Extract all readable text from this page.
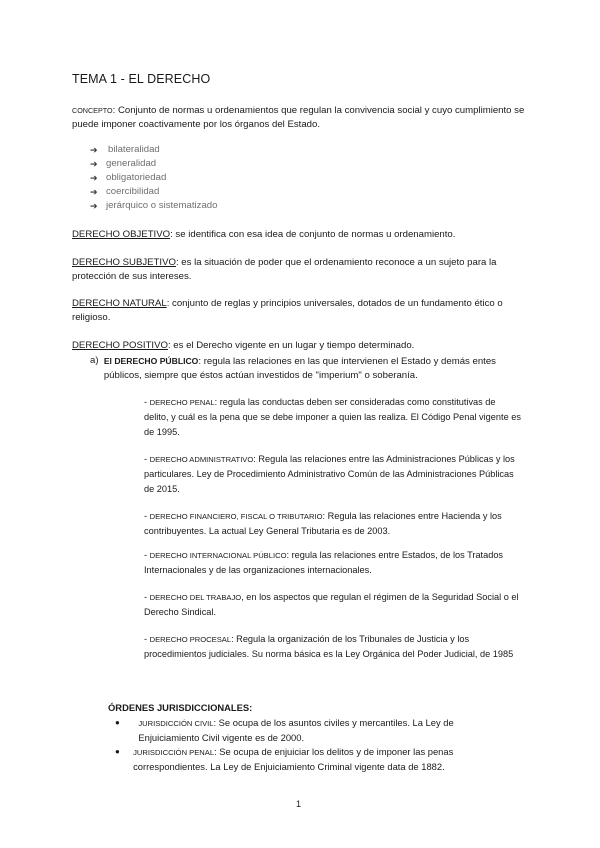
TEMA 1 - EL DERECHO
CONCEPTO: Conjunto de normas u ordenamientos que regulan la convivencia social y cuyo cumplimiento se puede imponer coactivamente por los órganos del Estado.
➔	bilateralidad
➔ generalidad
➔ obligatoriedad
➔ coercibilidad
➔ jerárquico o sistematizado
DERECHO OBJETIVO: se identifica con esa idea de conjunto de normas u ordenamiento.
DERECHO SUBJETIVO: es la situación de poder que el ordenamiento reconoce a un sujeto para la protección de sus intereses.
DERECHO NATURAL: conjunto de reglas y principios universales, dotados de un fundamento ético o religioso.
DERECHO POSITIVO: es el Derecho vigente en un lugar y tiempo determinado.
a) El DERECHO PÚBLICO: regula las relaciones en las que intervienen el Estado y demás entes públicos, siempre que éstos actúan investidos de "imperium" o soberanía.
- DERECHO PENAL: regula las conductas deben ser consideradas como constitutivas de delito, y cuál es la pena que se debe imponer a quien las realiza. El Código Penal vigente es de 1995.
- DERECHO ADMINISTRATIVO: Regula las relaciones entre las Administraciones Públicas y los particulares. Ley de Procedimiento Administrativo Común de las Administraciones Públicas de 2015.
- DERECHO FINANCIERO, FISCAL O TRIBUTARIO: Regula las relaciones entre Hacienda y los contribuyentes. La actual Ley General Tributaria es de 2003.
- DERECHO INTERNACIONAL PÚBLICO: regula las relaciones entre Estados, de los Tratados Internacionales y de las organizaciones internacionales.
- DERECHO DEL TRABAJO, en los aspectos que regulan el régimen de la Seguridad Social o el Derecho Sindical.
- DERECHO PROCESAL: Regula la organización de los Tribunales de Justicia y los procedimientos judiciales. Su norma básica es la Ley Orgánica del Poder Judicial, de 1985
ÓRDENES JURISDICCIONALES:
●	JURISDICCIÓN CIVIL: Se ocupa de los asuntos civiles y mercantiles. La Ley de Enjuiciamiento Civil vigente es de 2000.
●	JURISDICCIÓN PENAL: Se ocupa de enjuiciar los delitos y de imponer las penas correspondientes. La Ley de Enjuiciamiento Criminal vigente data de 1882.
1
